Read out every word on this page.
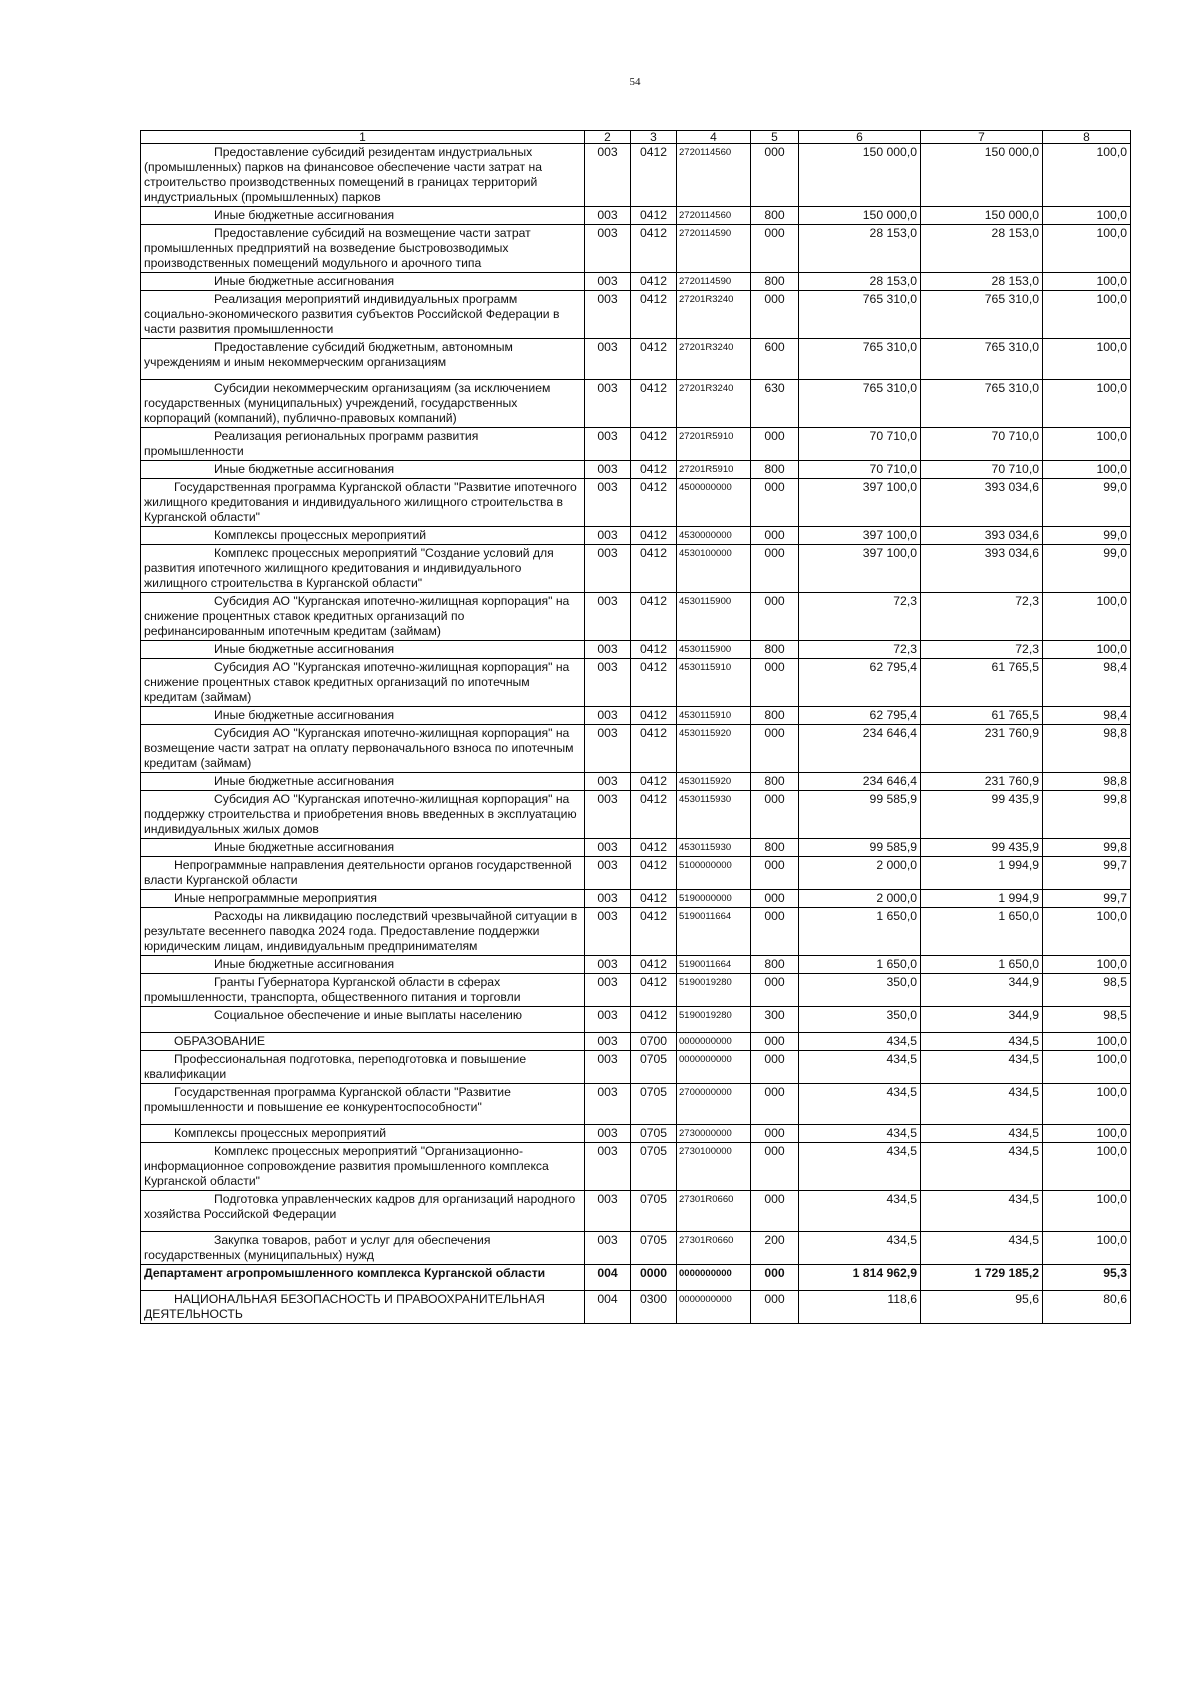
54
1	2	3	4	5	6	7	8

Предоставление субсидий резидентам индустриальных (промышленных) парков на финансовое обеспечение части затрат на строительство производственных помещений в границах территорий индустриальных (промышленных) парков	003	0412	2720114560	000	150 000,0	150 000,0	100,0

Иные бюджетные ассигнования	003	0412	2720114560	800	150 000,0	150 000,0	100,0

Предоставление субсидий на возмещение части затрат промышленных предприятий на возведение быстровозводимых производственных помещений модульного и арочного типа	003	0412	2720114590	000	28 153,0	28 153,0	100,0

Иные бюджетные ассигнования	003	0412	2720114590	800	28 153,0	28 153,0	100,0

Реализация мероприятий индивидуальных программ социально-экономического развития субъектов Российской Федерации в части развития промышленности	003	0412	27201R3240	000	765 310,0	765 310,0	100,0

Предоставление субсидий бюджетным, автономным учреждениям и иным некоммерческим организациям	003	0412	27201R3240	600	765 310,0	765 310,0	100,0

Субсидии некоммерческим организациям (за исключением государственных (муниципальных) учреждений, государственных корпораций (компаний), публично-правовых компаний)	003	0412	27201R3240	630	765 310,0	765 310,0	100,0

Реализация региональных программ развития промышленности	003	0412	27201R5910	000	70 710,0	70 710,0	100,0

Иные бюджетные ассигнования	003	0412	27201R5910	800	70 710,0	70 710,0	100,0

Государственная программа Курганской области "Развитие ипотечного жилищного кредитования и индивидуального жилищного строительства в Курганской области"	003	0412	4500000000	000	397 100,0	393 034,6	99,0

Комплексы процессных мероприятий	003	0412	4530000000	000	397 100,0	393 034,6	99,0

Комплекс процессных мероприятий "Создание условий для развития ипотечного жилищного кредитования и индивидуального жилищного строительства в Курганской области"	003	0412	4530100000	000	397 100,0	393 034,6	99,0

Субсидия АО "Курганская ипотечно-жилищная корпорация" на снижение процентных ставок кредитных организаций по рефинансированным ипотечным кредитам (займам)	003	0412	4530115900	000	72,3	72,3	100,0

Иные бюджетные ассигнования	003	0412	4530115900	800	72,3	72,3	100,0

Субсидия АО "Курганская ипотечно-жилищная корпорация" на снижение процентных ставок кредитных организаций по ипотечным кредитам (займам)	003	0412	4530115910	000	62 795,4	61 765,5	98,4

Иные бюджетные ассигнования	003	0412	4530115910	800	62 795,4	61 765,5	98,4

Субсидия АО "Курганская ипотечно-жилищная корпорация" на возмещение части затрат на оплату первоначального взноса по ипотечным кредитам (займам)	003	0412	4530115920	000	234 646,4	231 760,9	98,8

Иные бюджетные ассигнования	003	0412	4530115920	800	234 646,4	231 760,9	98,8

Субсидия АО "Курганская ипотечно-жилищная корпорация" на поддержку строительства и приобретения вновь введенных в эксплуатацию индивидуальных жилых домов	003	0412	4530115930	000	99 585,9	99 435,9	99,8

Иные бюджетные ассигнования	003	0412	4530115930	800	99 585,9	99 435,9	99,8

Непрограммные направления деятельности органов государственной власти Курганской области	003	0412	5100000000	000	2 000,0	1 994,9	99,7

Иные непрограммные мероприятия	003	0412	5190000000	000	2 000,0	1 994,9	99,7

Расходы на ликвидацию последствий чрезвычайной ситуации в результате весеннего паводка 2024 года. Предоставление поддержки юридическим лицам, индивидуальным предпринимателям	003	0412	5190011664	000	1 650,0	1 650,0	100,0

Иные бюджетные ассигнования	003	0412	5190011664	800	1 650,0	1 650,0	100,0

Гранты Губернатора Курганской области в сферах промышленности, транспорта, общественного питания и торговли	003	0412	5190019280	000	350,0	344,9	98,5

Социальное обеспечение и иные выплаты населению	003	0412	5190019280	300	350,0	344,9	98,5

ОБРАЗОВАНИЕ	003	0700	0000000000	000	434,5	434,5	100,0

Профессиональная подготовка, переподготовка и повышение квалификации	003	0705	0000000000	000	434,5	434,5	100,0

Государственная программа Курганской области "Развитие промышленности и повышение ее конкурентоспособности"	003	0705	2700000000	000	434,5	434,5	100,0

Комплексы процессных мероприятий	003	0705	2730000000	000	434,5	434,5	100,0

Комплекс процессных мероприятий "Организационно-информационное сопровождение развития промышленного комплекса Курганской области"	003	0705	2730100000	000	434,5	434,5	100,0

Подготовка управленческих кадров для организаций народного хозяйства Российской Федерации	003	0705	27301R0660	000	434,5	434,5	100,0

Закупка товаров, работ и услуг для обеспечения государственных (муниципальных) нужд	003	0705	27301R0660	200	434,5	434,5	100,0

Департамент агропромышленного комплекса Курганской области	004	0000	0000000000	000	1 814 962,9	1 729 185,2	95,3

НАЦИОНАЛЬНАЯ БЕЗОПАСНОСТЬ И ПРАВООХРАНИТЕЛЬНАЯ ДЕЯТЕЛЬНОСТЬ	004	0300	0000000000	000	118,6	95,6	80,6
